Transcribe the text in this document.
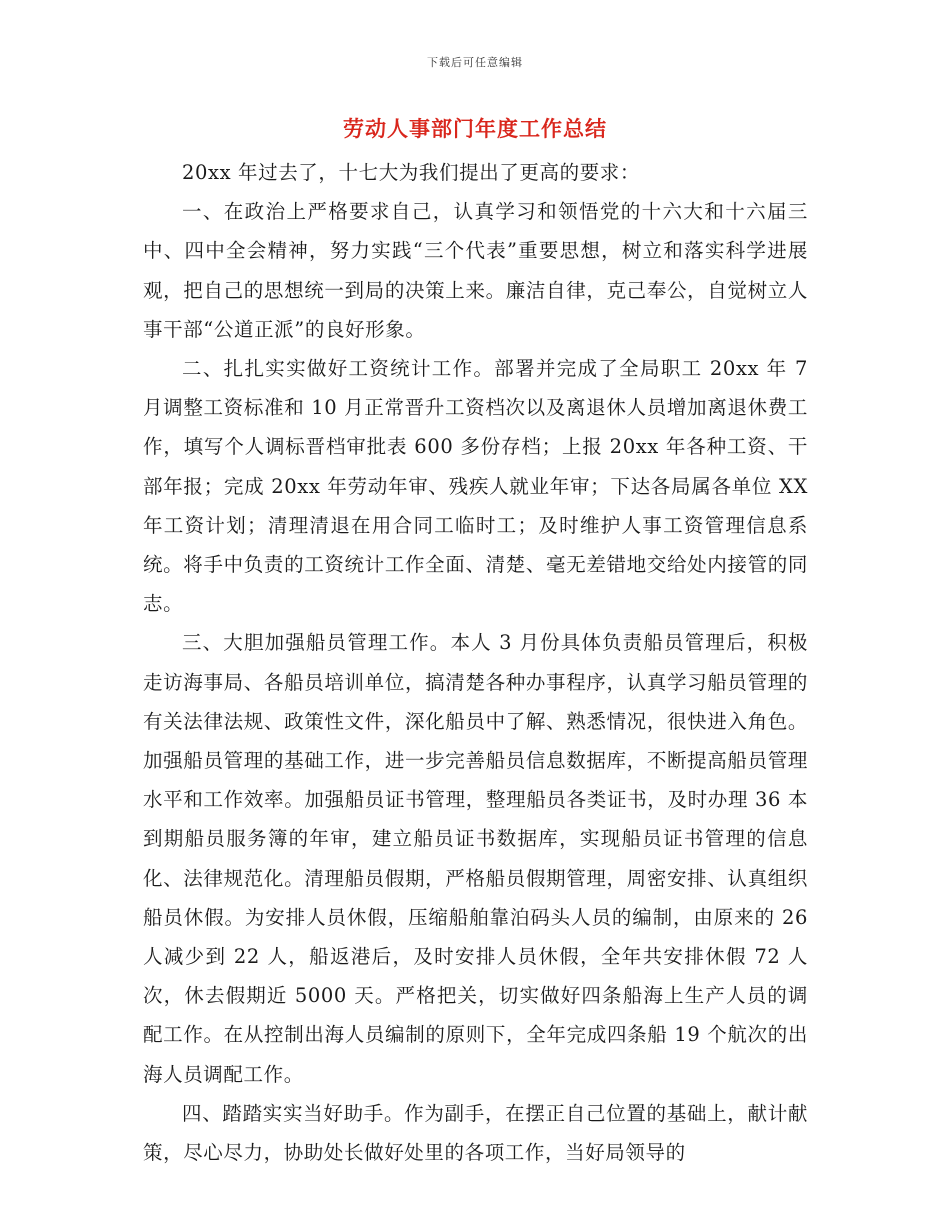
下载后可任意编辑
劳动人事部门年度工作总结

20xx 年过去了，十七大为我们提出了更高的要求：

一、在政治上严格要求自己，认真学习和领悟党的十六大和十六届三中、四中全会精神，努力实践“三个代表”重要思想，树立和落实科学进展观，把自己的思想统一到局的决策上来。廉洁自律，克己奉公，自觉树立人事干部“公道正派”的良好形象。

二、扎扎实实做好工资统计工作。部署并完成了全局职工 20xx 年 7 月调整工资标准和 10 月正常晋升工资档次以及离退休人员增加离退休费工作，填写个人调标晋档审批表 600 多份存档；上报 20xx 年各种工资、干部年报；完成 20xx 年劳动年审、残疾人就业年审；下达各局属各单位 XX 年工资计划；清理清退在用合同工临时工；及时维护人事工资管理信息系统。将手中负责的工资统计工作全面、清楚、毫无差错地交给处内接管的同志。

三、大胆加强船员管理工作。本人 3 月份具体负责船员管理后，积极走访海事局、各船员培训单位，搞清楚各种办事程序，认真学习船员管理的有关法律法规、政策性文件，深化船员中了解、熟悉情况，很快进入角色。加强船员管理的基础工作，进一步完善船员信息数据库，不断提高船员管理水平和工作效率。加强船员证书管理，整理船员各类证书，及时办理 36 本到期船员服务簿的年审，建立船员证书数据库，实现船员证书管理的信息化、法律规范化。清理船员假期，严格船员假期管理，周密安排、认真组织船员休假。为安排人员休假，压缩船舶靠泊码头人员的编制，由原来的 26 人减少到 22 人，船返港后，及时安排人员休假，全年共安排休假 72 人次，休去假期近 5000 天。严格把关，切实做好四条船海上生产人员的调配工作。在从控制出海人员编制的原则下，全年完成四条船 19 个航次的出海人员调配工作。

四、踏踏实实当好助手。作为副手，在摆正自己位置的基础上，献计献策，尽心尽力，协助处长做好处里的各项工作，当好局领导的
